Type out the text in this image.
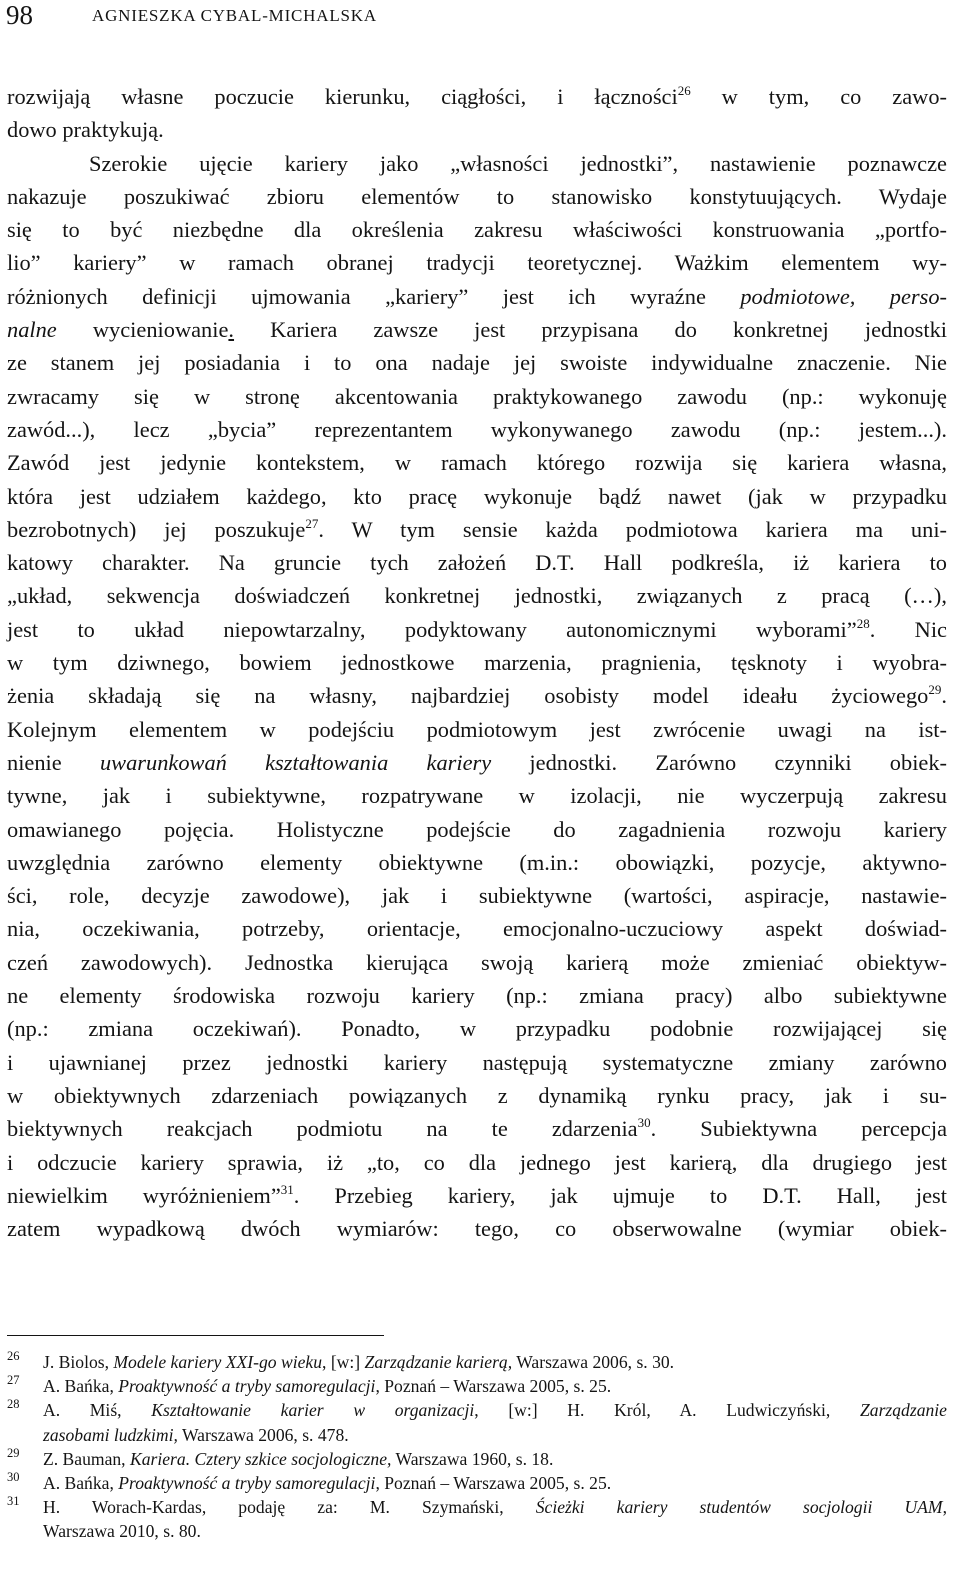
98	AGNIESZKA CYBAL-MICHALSKA
rozwijają własne poczucie kierunku, ciągłości, i łączności$^{26}$ w tym, co zawo-
dowo praktykują.
Szerokie ujęcie kariery jako „własności jednostki”, nastawienie poznawcze
nakazuje poszukiwać zbioru elementów to stanowisko konstytuujących. Wydaje
się to być niezbędne dla określenia zakresu właściwości konstruowania „portfo-
lio” kariery” w ramach obranej tradycji teoretycznej. Ważkim elementem wy-
różnionych definicji ujmowania „kariery” jest ich wyraźne podmiotowe, perso-
nalne wycieniowanie. Kariera zawsze jest przypisana do konkretnej jednostki
ze stanem jej posiadania i to ona nadaje jej swoiste indywidualne znaczenie. Nie
zwracamy się w stronę akcentowania praktykowanego zawodu (np.: wykonuję
zawód...), lecz „bycia” reprezentantem wykonywanego zawodu (np.: jestem...).
Zawód jest jedynie kontekstem, w ramach którego rozwija się kariera własna,
która jest udziałem każdego, kto pracę wykonuje bądź nawet (jak w przypadku
bezrobotnych) jej poszukuje$^{27}$. W tym sensie każda podmiotowa kariera ma uni-
katowy charakter. Na gruncie tych założeń D.T. Hall podkreśla, iż kariera to
„układ, sekwencja doświadczeń konkretnej jednostki, związanych z pracą (…),
jest to układ niepowtarzalny, podyktowany autonomicznymi wyborami”$^{28}$. Nic
w tym dziwnego, bowiem jednostkowe marzenia, pragnienia, tęsknoty i wyobra-
żenia składają się na własny, najbardziej osobisty model ideału życiowego$^{29}$.
Kolejnym elementem w podejściu podmiotowym jest zwrócenie uwagi na ist-
nienie uwarunkowań kształtowania kariery jednostki. Zarówno czynniki obiek-
tywne, jak i subiektywne, rozpatrywane w izolacji, nie wyczerpują zakresu
omawianego pojęcia. Holistyczne podejście do zagadnienia rozwoju kariery
uwzględnia zarówno elementy obiektywne (m.in.: obowiązki, pozycje, aktywno-
ści, role, decyzje zawodowe), jak i subiektywne (wartości, aspiracje, nastawie-
nia, oczekiwania, potrzeby, orientacje, emocjonalno-uczuciowy aspekt doświad-
czeń zawodowych). Jednostka kierująca swoją karierą może zmieniać obiektyw-
ne elementy środowiska rozwoju kariery (np.: zmiana pracy) albo subiektywne
(np.: zmiana oczekiwań). Ponadto, w przypadku podobnie rozwijającej się
i ujawnianej przez jednostki kariery następują systematyczne zmiany zarówno
w obiektywnych zdarzeniach powiązanych z dynamiką rynku pracy, jak i su-
biektywnych reakcjach podmiotu na te zdarzenia$^{30}$. Subiektywna percepcja
i odczucie kariery sprawia, iż „to, co dla jednego jest karierą, dla drugiego jest
niewielkim wyróżnieniem”$^{31}$. Przebieg kariery, jak ujmuje to D.T. Hall, jest
zatem wypadkową dwóch wymiarów: tego, co obserwowalne (wymiar obiek-
26 J. Biolos, Modele kariery XXI-go wieku, [w:] Zarządzanie karierą, Warszawa 2006, s. 30.
27 A. Bańka, Proaktywność a tryby samoregulacji, Poznań – Warszawa 2005, s. 25.
28 A. Miś, Kształtowanie karier w organizacji, [w:] H. Król, A. Ludwiczyński, Zarządzanie
zasobami ludzkimi, Warszawa 2006, s. 478.
29 Z. Bauman, Kariera. Cztery szkice socjologiczne, Warszawa 1960, s. 18.
30 A. Bańka, Proaktywność a tryby samoregulacji, Poznań – Warszawa 2005, s. 25.
31 H. Worach-Kardas, podaję za: M. Szymański, Ścieżki kariery studentów socjologii UAM,
Warszawa 2010, s. 80.
